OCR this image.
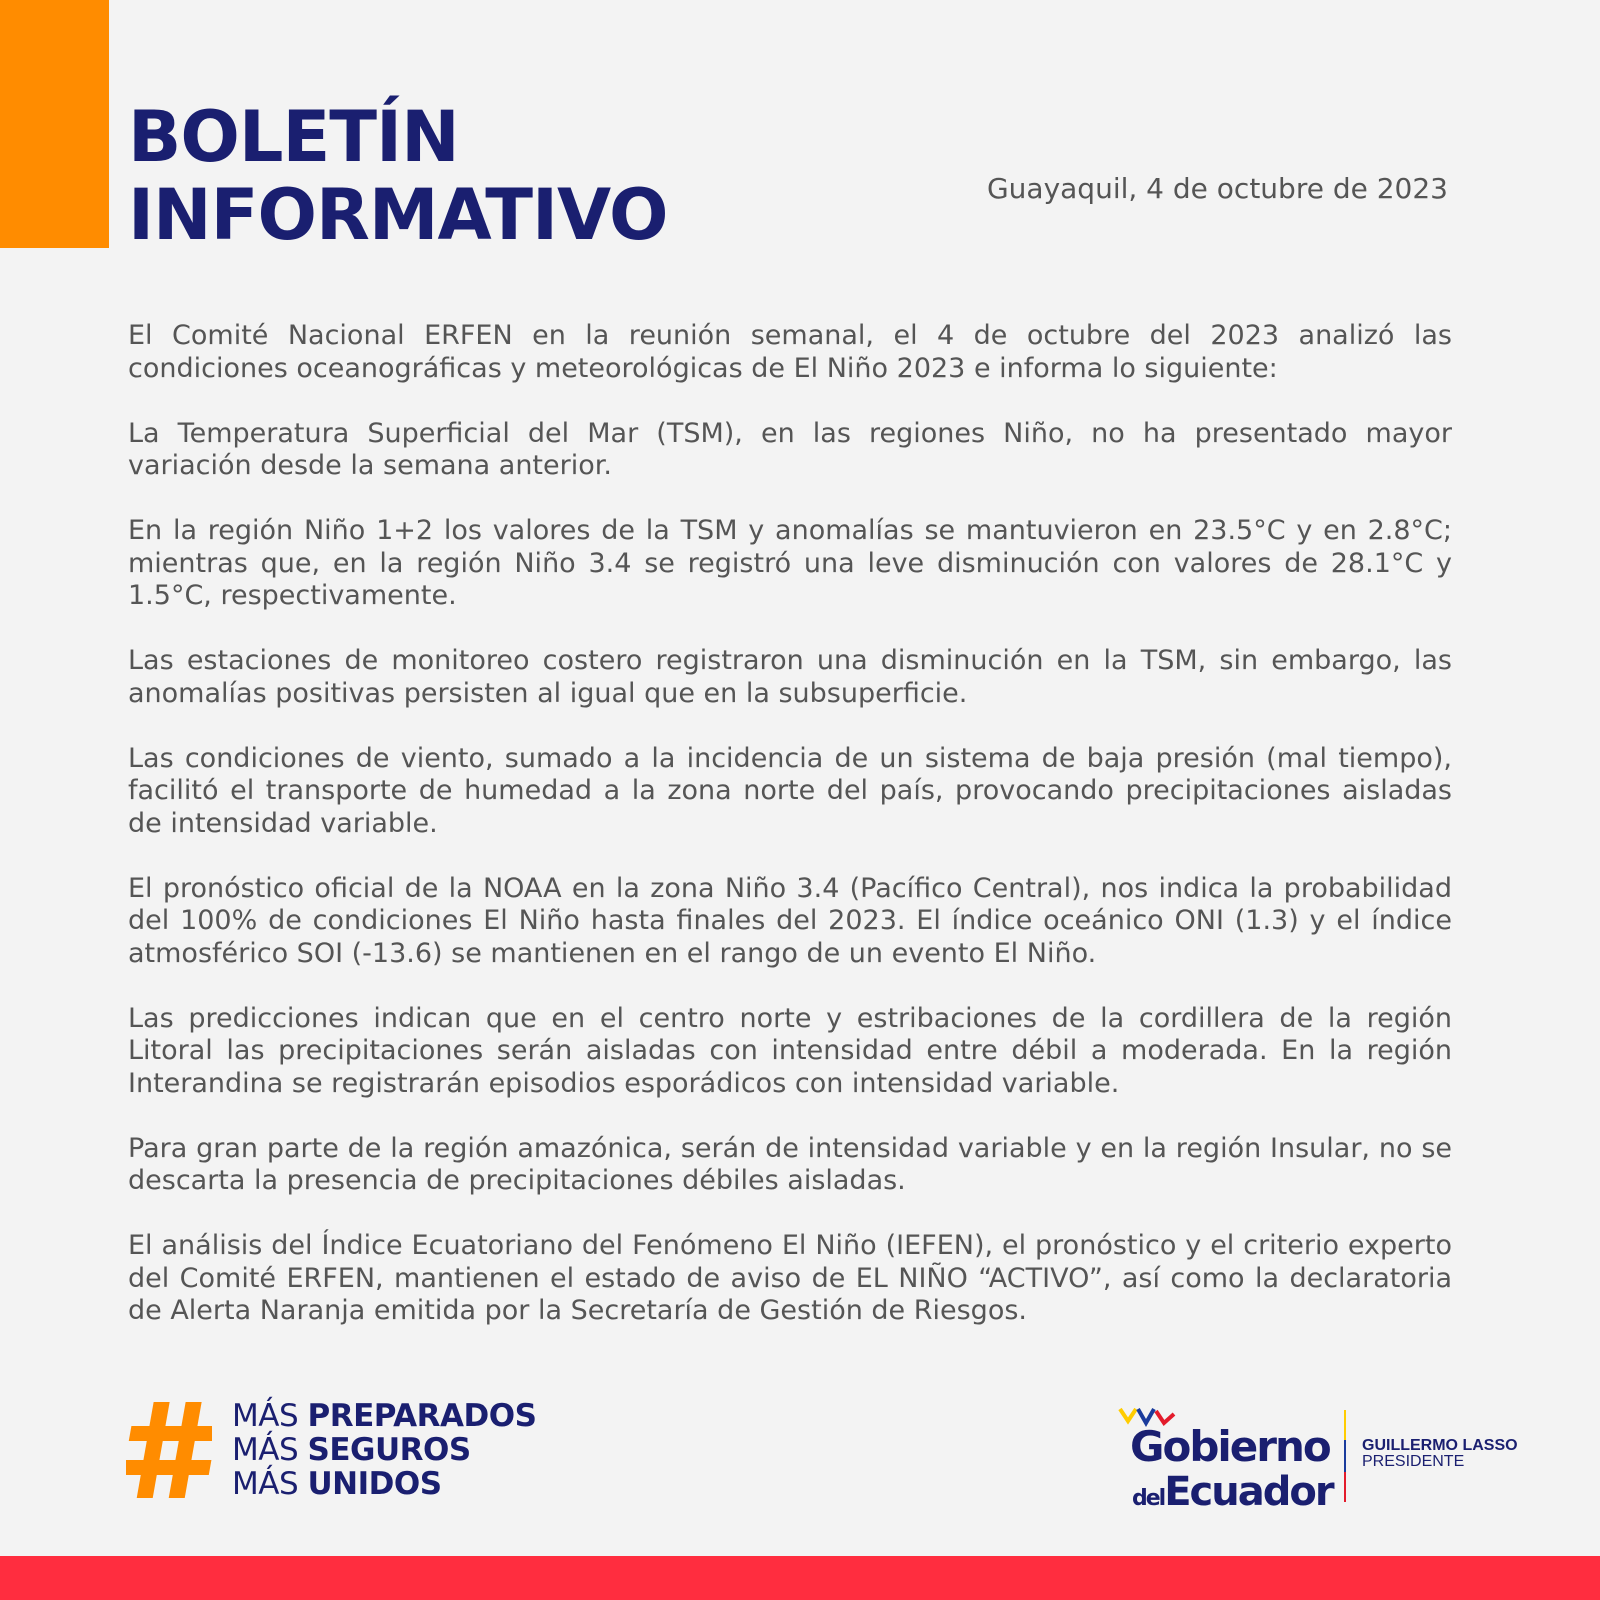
BOLETÍN
INFORMATIVO	Guayaquil, 4 de octubre de 2023

El Comité Nacional ERFEN en la reunión semanal, el 4 de octubre del 2023 analizó las condiciones oceanográficas y meteorológicas de El Niño 2023 e informa lo siguiente:

La Temperatura Superficial del Mar (TSM), en las regiones Niño, no ha presentado mayor variación desde la semana anterior.

En la región Niño 1+2 los valores de la TSM y anomalías se mantuvieron en 23.5°C y en 2.8°C; mientras que, en la región Niño 3.4 se registró una leve disminución con valores de 28.1°C y 1.5°C, respectivamente.

Las estaciones de monitoreo costero registraron una disminución en la TSM, sin embargo, las anomalías positivas persisten al igual que en la subsuperficie.

Las condiciones de viento, sumado a la incidencia de un sistema de baja presión (mal tiempo), facilitó el transporte de humedad a la zona norte del país, provocando precipitaciones aisladas de intensidad variable.

El pronóstico oficial de la NOAA en la zona Niño 3.4 (Pacífico Central), nos indica la probabilidad del 100% de condiciones El Niño hasta finales del 2023. El índice oceánico ONI (1.3) y el índice atmosférico SOI (-13.6) se mantienen en el rango de un evento El Niño.

Las predicciones indican que en el centro norte y estribaciones de la cordillera de la región Litoral las precipitaciones serán aisladas con intensidad entre débil a moderada. En la región Interandina se registrarán episodios esporádicos con intensidad variable.

Para gran parte de la región amazónica, serán de intensidad variable y en la región Insular, no se descarta la presencia de precipitaciones débiles aisladas.

El análisis del Índice Ecuatoriano del Fenómeno El Niño (IEFEN), el pronóstico y el criterio experto del Comité ERFEN, mantienen el estado de aviso de EL NIÑO “ACTIVO”, así como la declaratoria de Alerta Naranja emitida por la Secretaría de Gestión de Riesgos.

MÁS PREPARADOS
MÁS SEGUROS
MÁS UNIDOS
Gobierno
delEcuador
GUILLERMO LASSO
PRESIDENTE
